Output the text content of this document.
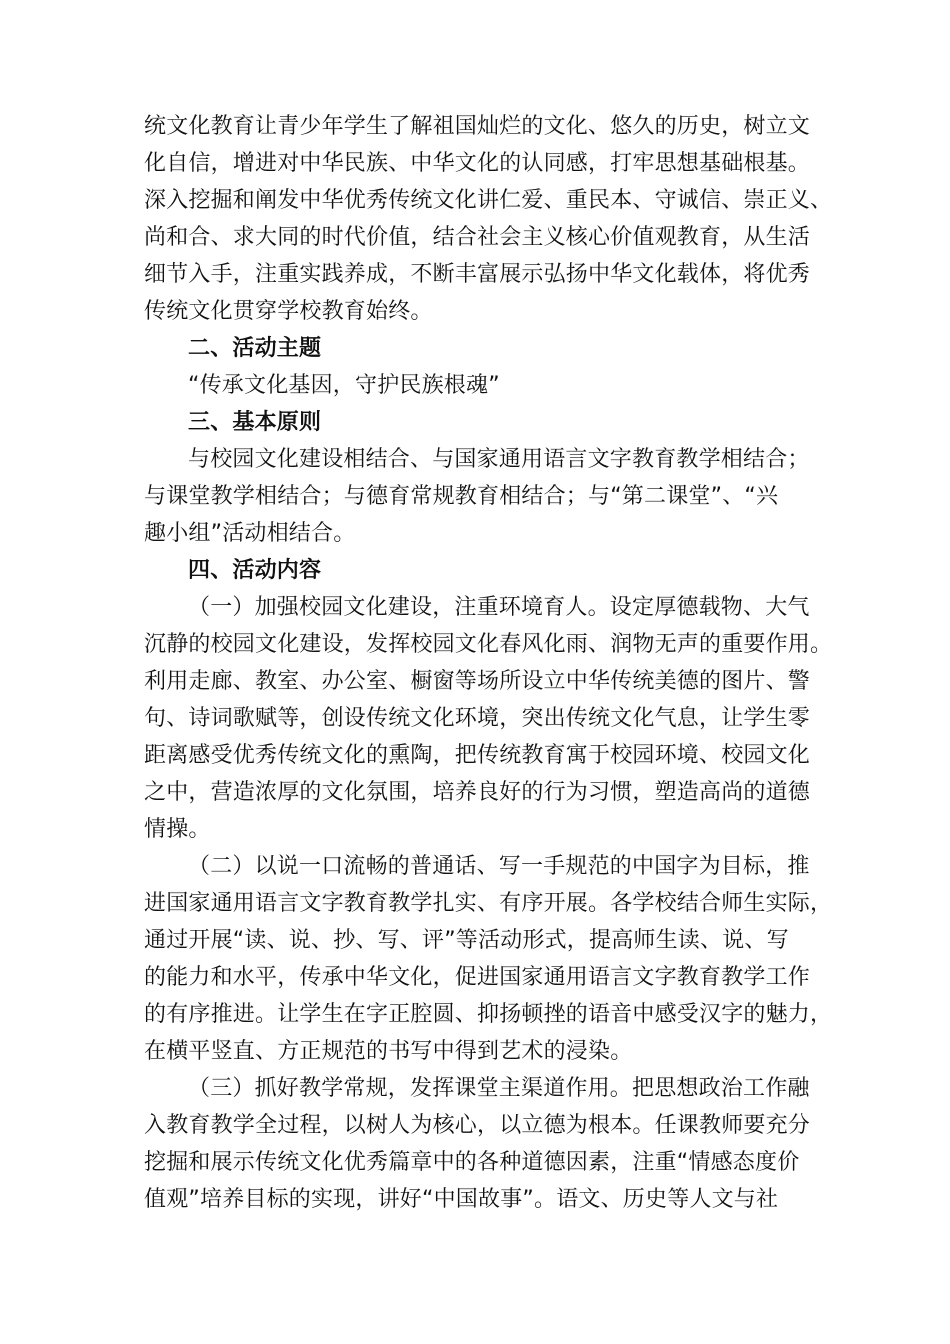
统文化教育让青少年学生了解祖国灿烂的文化、悠久的历史，树立文
化自信，增进对中华民族、中华文化的认同感，打牢思想基础根基。
深入挖掘和阐发中华优秀传统文化讲仁爱、重民本、守诚信、崇正义、
尚和合、求大同的时代价值，结合社会主义核心价值观教育，从生活
细节入手，注重实践养成，不断丰富展示弘扬中华文化载体，将优秀
传统文化贯穿学校教育始终。
二、活动主题
“传承文化基因，守护民族根魂”
三、基本原则
与校园文化建设相结合、与国家通用语言文字教育教学相结合；
与课堂教学相结合；与德育常规教育相结合；与“第二课堂”、“兴
趣小组”活动相结合。
四、活动内容
（一）加强校园文化建设，注重环境育人。设定厚德载物、大气
沉静的校园文化建设，发挥校园文化春风化雨、润物无声的重要作用。
利用走廊、教室、办公室、橱窗等场所设立中华传统美德的图片、警
句、诗词歌赋等，创设传统文化环境，突出传统文化气息，让学生零
距离感受优秀传统文化的熏陶，把传统教育寓于校园环境、校园文化
之中，营造浓厚的文化氛围，培养良好的行为习惯，塑造高尚的道德
情操。
（二）以说一口流畅的普通话、写一手规范的中国字为目标，推
进国家通用语言文字教育教学扎实、有序开展。各学校结合师生实际，
通过开展“读、说、抄、写、评”等活动形式，提高师生读、说、写
的能力和水平，传承中华文化，促进国家通用语言文字教育教学工作
的有序推进。让学生在字正腔圆、抑扬顿挫的语音中感受汉字的魅力，
在横平竖直、方正规范的书写中得到艺术的浸染。
（三）抓好教学常规，发挥课堂主渠道作用。把思想政治工作融
入教育教学全过程，以树人为核心，以立德为根本。任课教师要充分
挖掘和展示传统文化优秀篇章中的各种道德因素，注重“情感态度价
值观”培养目标的实现，讲好“中国故事”。语文、历史等人文与社
